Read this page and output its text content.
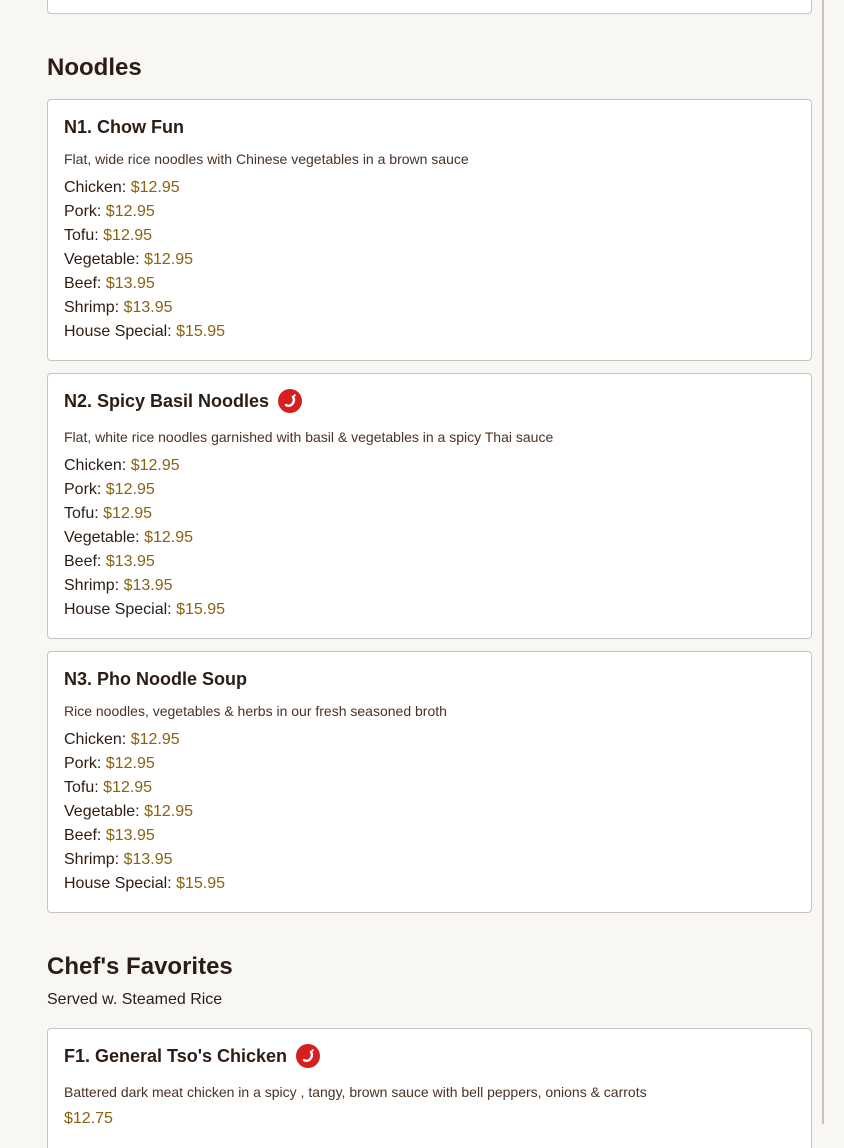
Noodles
N1. Chow Fun
Flat, wide rice noodles with Chinese vegetables in a brown sauce
Chicken: $12.95
Pork: $12.95
Tofu: $12.95
Vegetable: $12.95
Beef: $13.95
Shrimp: $13.95
House Special: $15.95
N2. Spicy Basil Noodles
Flat, white rice noodles garnished with basil & vegetables in a spicy Thai sauce
Chicken: $12.95
Pork: $12.95
Tofu: $12.95
Vegetable: $12.95
Beef: $13.95
Shrimp: $13.95
House Special: $15.95
N3. Pho Noodle Soup
Rice noodles, vegetables & herbs in our fresh seasoned broth
Chicken: $12.95
Pork: $12.95
Tofu: $12.95
Vegetable: $12.95
Beef: $13.95
Shrimp: $13.95
House Special: $15.95
Chef's Favorites
Served w. Steamed Rice
F1. General Tso's Chicken
Battered dark meat chicken in a spicy , tangy, brown sauce with bell peppers, onions & carrots
$12.75
